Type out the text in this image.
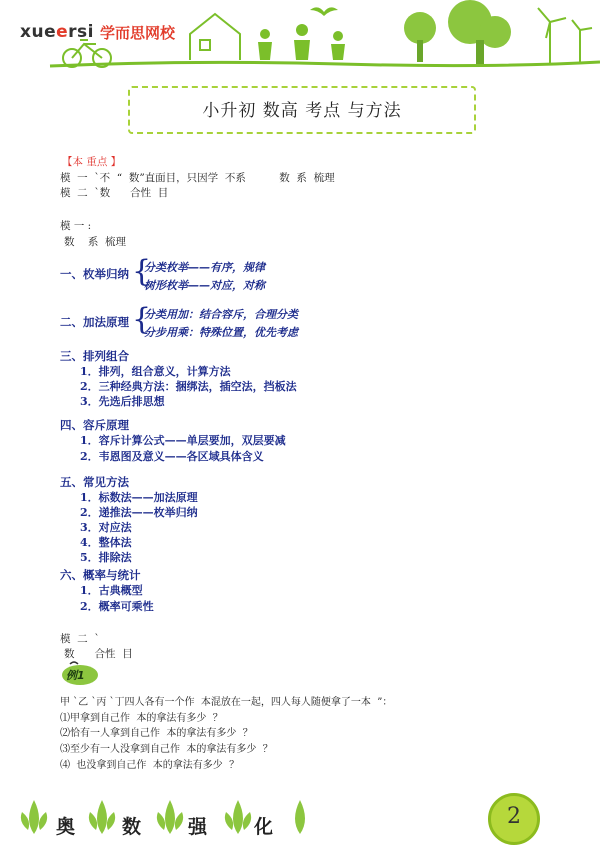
xueersi 学而思网校
小升初 数高 考点 与方法
【本 重点 】
模  一  `不  “  数”直面目，只因学  不系          数  系  梳理
模  二  `数      合性  目
模 一 :
数    系  梳理
一、枚举归纳 {
分类枚举——有序，规律
树形枚举——对应，对称
二、加法原理 {
分类用加：结合容斥，合理分类
分步用乘：特殊位置，优先考虑
三、排列组合
1．排列，组合意义，计算方法
2．三种经典方法：捆绑法，插空法，挡板法
3．先选后排思想
四、容斥原理
1．容斥计算公式——单层要加，双层要减
2．韦恩图及意义——各区域具体含义
五、常见方法
1．标数法——加法原理
2．递推法——枚举归纳
3．对应法
4．整体法
5．排除法
六、概率与统计
1．古典概型
2．概率可乘性
模  二  `
数      合性  目
例1
甲 `乙 `丙 `丁四人各有一个作  本混放在一起，四人每人随便拿了一本  ”：
⑴甲拿到自己作  本的拿法有多少  ？
⑵恰有一人拿到自己作  本的拿法有多少  ？
⑶至少有一人没拿到自己作  本的拿法有多少  ？
⑷  也没拿到自己作  本的拿法有多少  ？
奥 数 强 化	2
